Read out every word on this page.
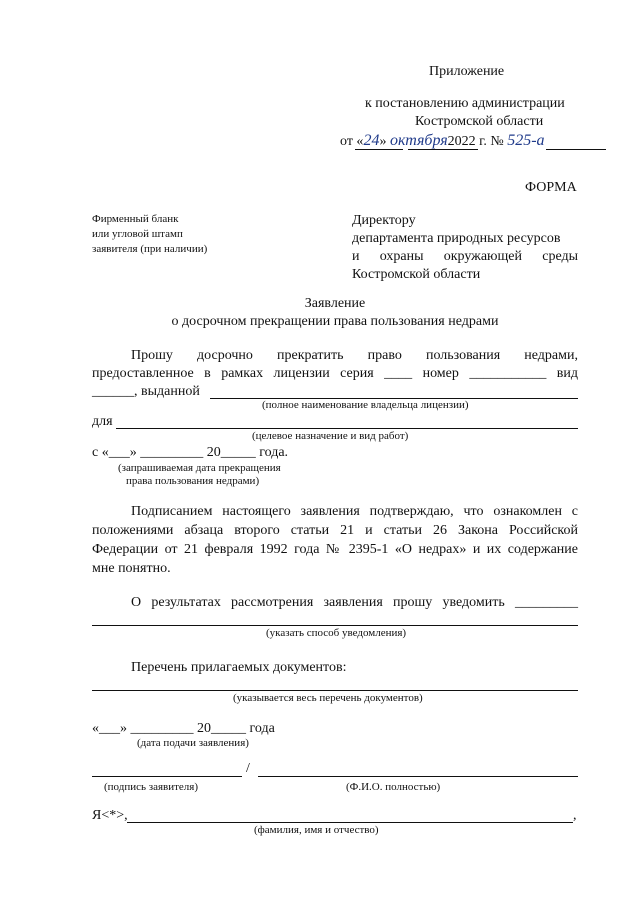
Приложение
к постановлению администрации
Костромской области
от «24» октября2022 г. № 525-а
ФОРМА
Фирменный бланк
или угловой штамп
заявителя (при наличии)
Директору
департамента природных ресурсов
и охраны окружающей среды
Костромской области
Заявление
о досрочном прекращении права пользования недрами
Прошу досрочно прекратить право пользования недрами,
предоставленное в рамках лицензии серия ____ номер ___________ вид
______, выданной
(полное наименование владельца лицензии)
для
(целевое назначение и вид работ)
с «___» _________ 20_____ года.
(запрашиваемая дата прекращения
права пользования недрами)
Подписанием настоящего заявления подтверждаю, что ознакомлен с
положениями абзаца второго статьи 21 и статьи 26 Закона Российской
Федерации от 21 февраля 1992 года № 2395-1 «О недрах» и их содержание
мне понятно.
О результатах рассмотрения заявления прошу уведомить _________
(указать способ уведомления)
Перечень прилагаемых документов:
(указывается весь перечень документов)
«___» _________ 20_____ года
(дата подачи заявления)
/
(подпись заявителя)	(Ф.И.О. полностью)
Я<*>,	,
(фамилия, имя и отчество)
